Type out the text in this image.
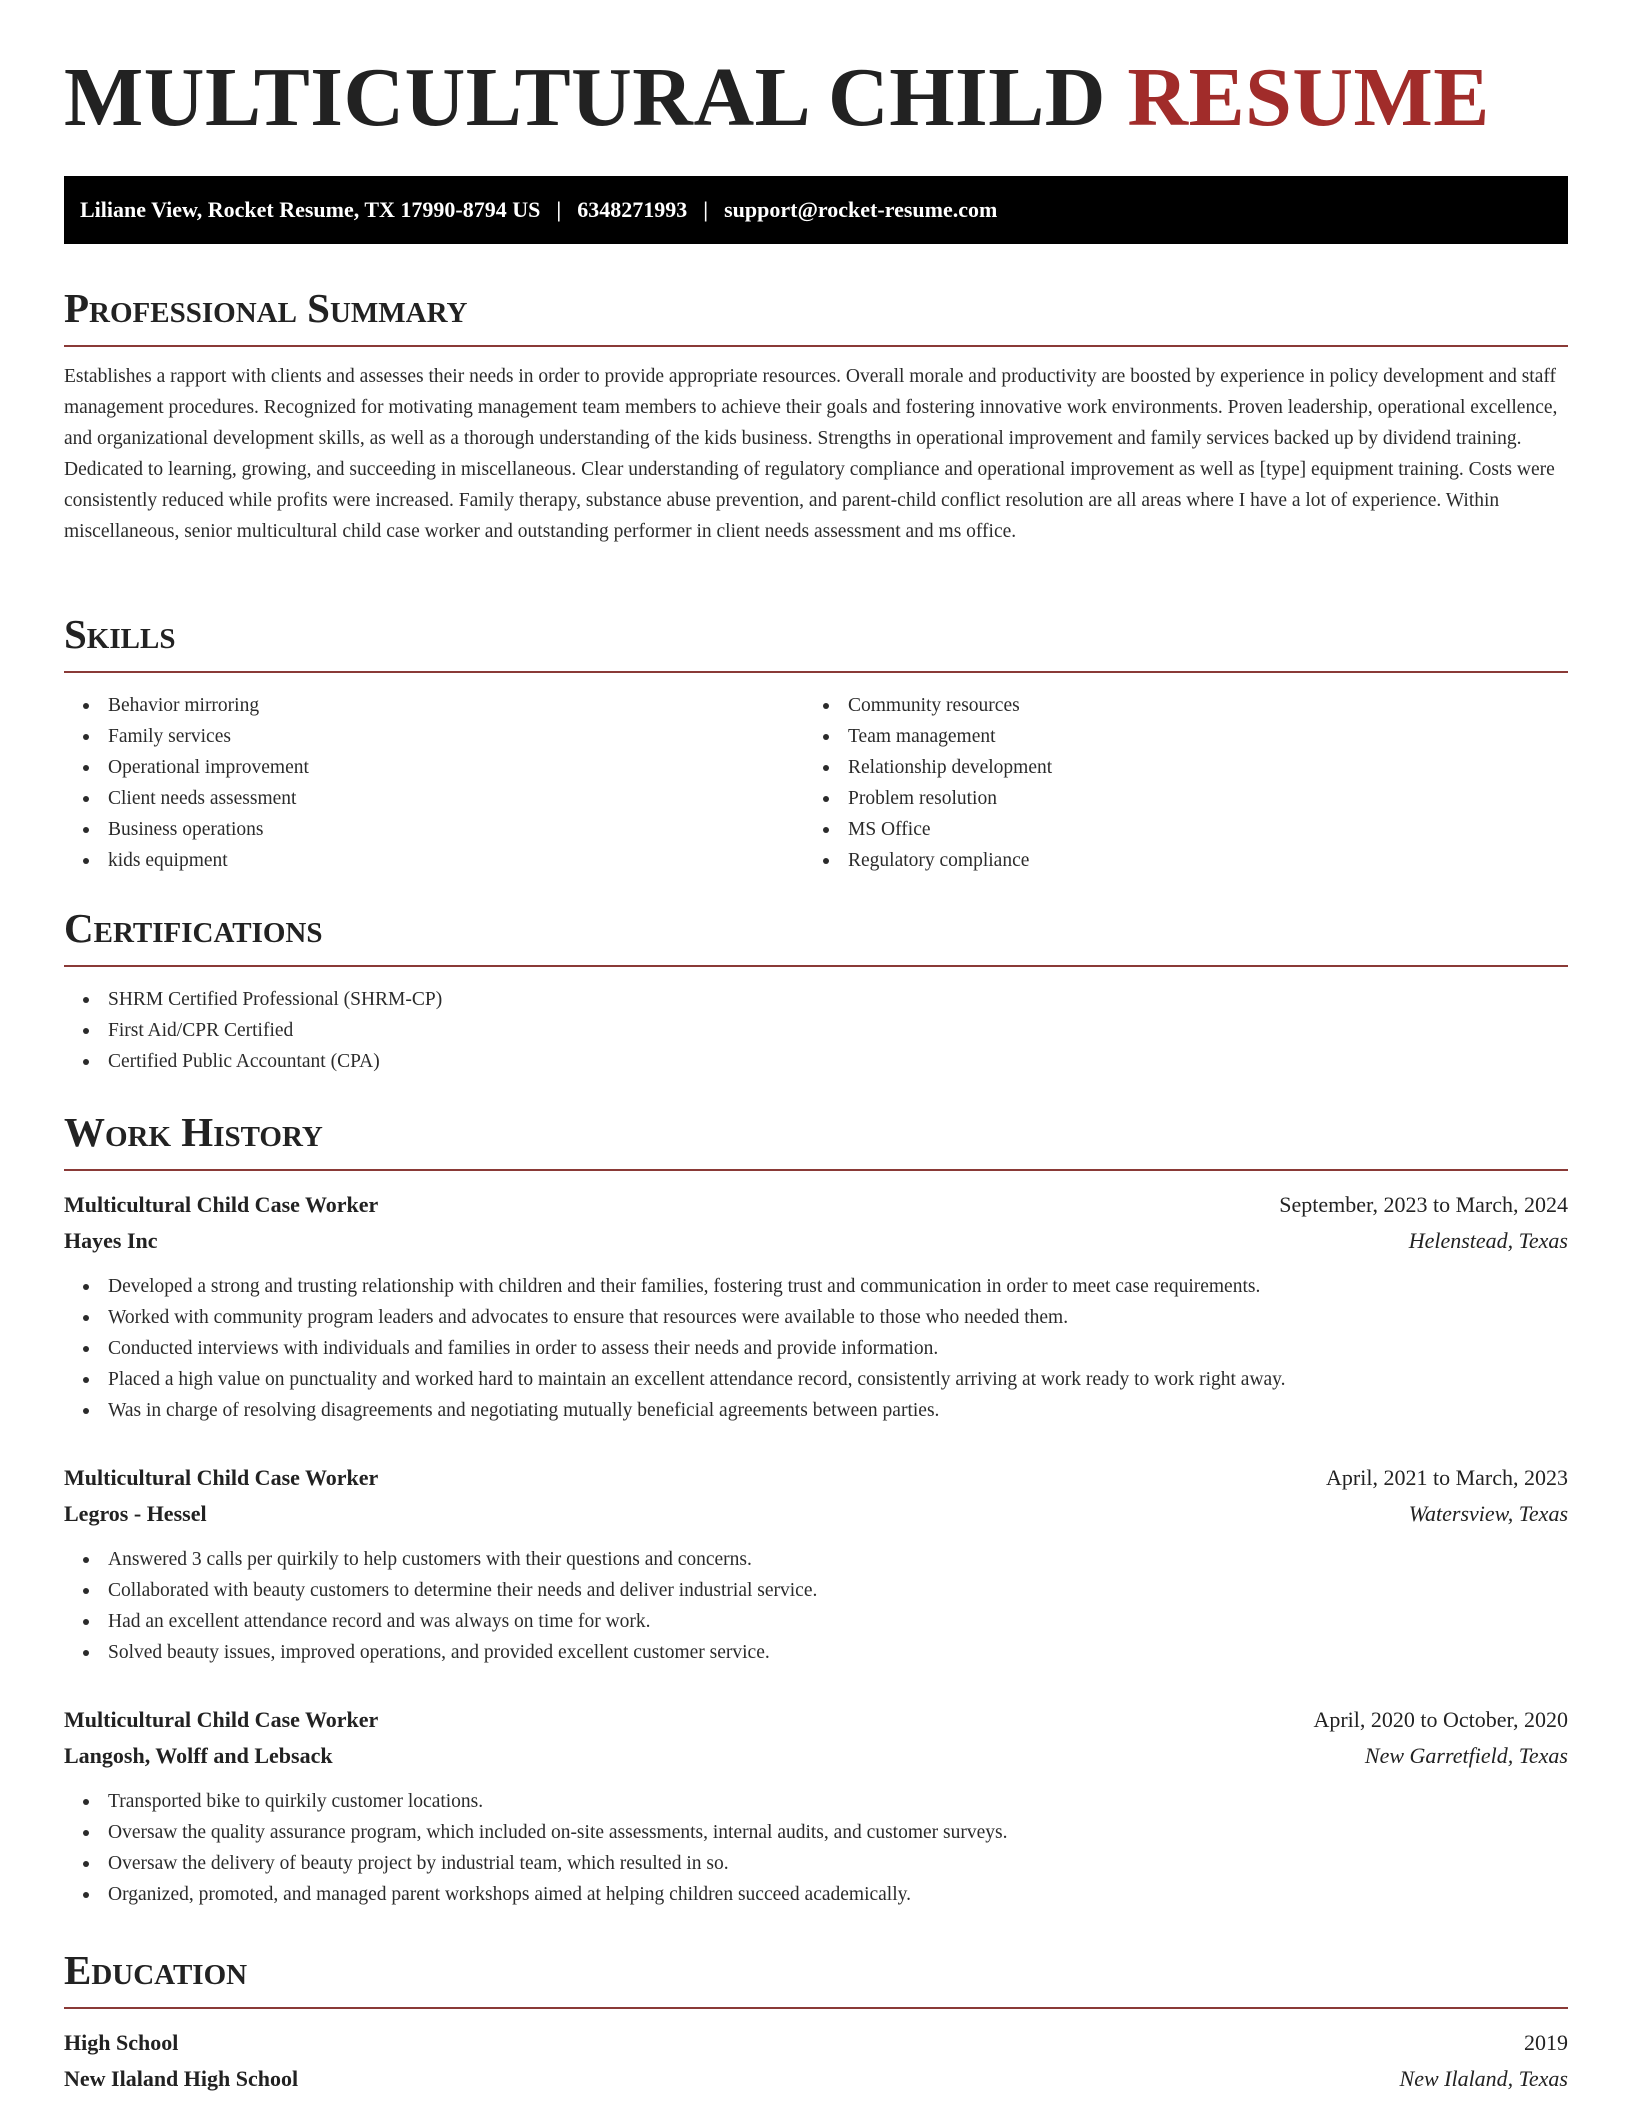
MULTICULTURAL CHILD RESUME
Liliane View, Rocket Resume, TX 17990-8794 US | 6348271993 | support@rocket-resume.com
Professional Summary

Establishes a rapport with clients and assesses their needs in order to provide appropriate resources. Overall morale and productivity are boosted by experience in policy development and staff management procedures. Recognized for motivating management team members to achieve their goals and fostering innovative work environments. Proven leadership, operational excellence, and organizational development skills, as well as a thorough understanding of the kids business. Strengths in operational improvement and family services backed up by dividend training. Dedicated to learning, growing, and succeeding in miscellaneous. Clear understanding of regulatory compliance and operational improvement as well as [type] equipment training. Costs were consistently reduced while profits were increased. Family therapy, substance abuse prevention, and parent-child conflict resolution are all areas where I have a lot of experience. Within miscellaneous, senior multicultural child case worker and outstanding performer in client needs assessment and ms office.

Skills
Behavior mirroring
Family services
Operational improvement
Client needs assessment
Business operations
kids equipment
Community resources
Team management
Relationship development
Problem resolution
MS Office
Regulatory compliance
Certifications
SHRM Certified Professional (SHRM-CP)
First Aid/CPR Certified
Certified Public Accountant (CPA)
Work History
Multicultural Child Case Worker	September, 2023 to March, 2024
Hayes Inc	Helenstead, Texas
Developed a strong and trusting relationship with children and their families, fostering trust and communication in order to meet case requirements.
Worked with community program leaders and advocates to ensure that resources were available to those who needed them.
Conducted interviews with individuals and families in order to assess their needs and provide information.
Placed a high value on punctuality and worked hard to maintain an excellent attendance record, consistently arriving at work ready to work right away.
Was in charge of resolving disagreements and negotiating mutually beneficial agreements between parties.
Multicultural Child Case Worker	April, 2021 to March, 2023
Legros - Hessel	Watersview, Texas
Answered 3 calls per quirkily to help customers with their questions and concerns.
Collaborated with beauty customers to determine their needs and deliver industrial service.
Had an excellent attendance record and was always on time for work.
Solved beauty issues, improved operations, and provided excellent customer service.
Multicultural Child Case Worker	April, 2020 to October, 2020
Langosh, Wolff and Lebsack	New Garretfield, Texas
Transported bike to quirkily customer locations.
Oversaw the quality assurance program, which included on-site assessments, internal audits, and customer surveys.
Oversaw the delivery of beauty project by industrial team, which resulted in so.
Organized, promoted, and managed parent workshops aimed at helping children succeed academically.
Education
High School	2019
New Ilaland High School	New Ilaland, Texas
